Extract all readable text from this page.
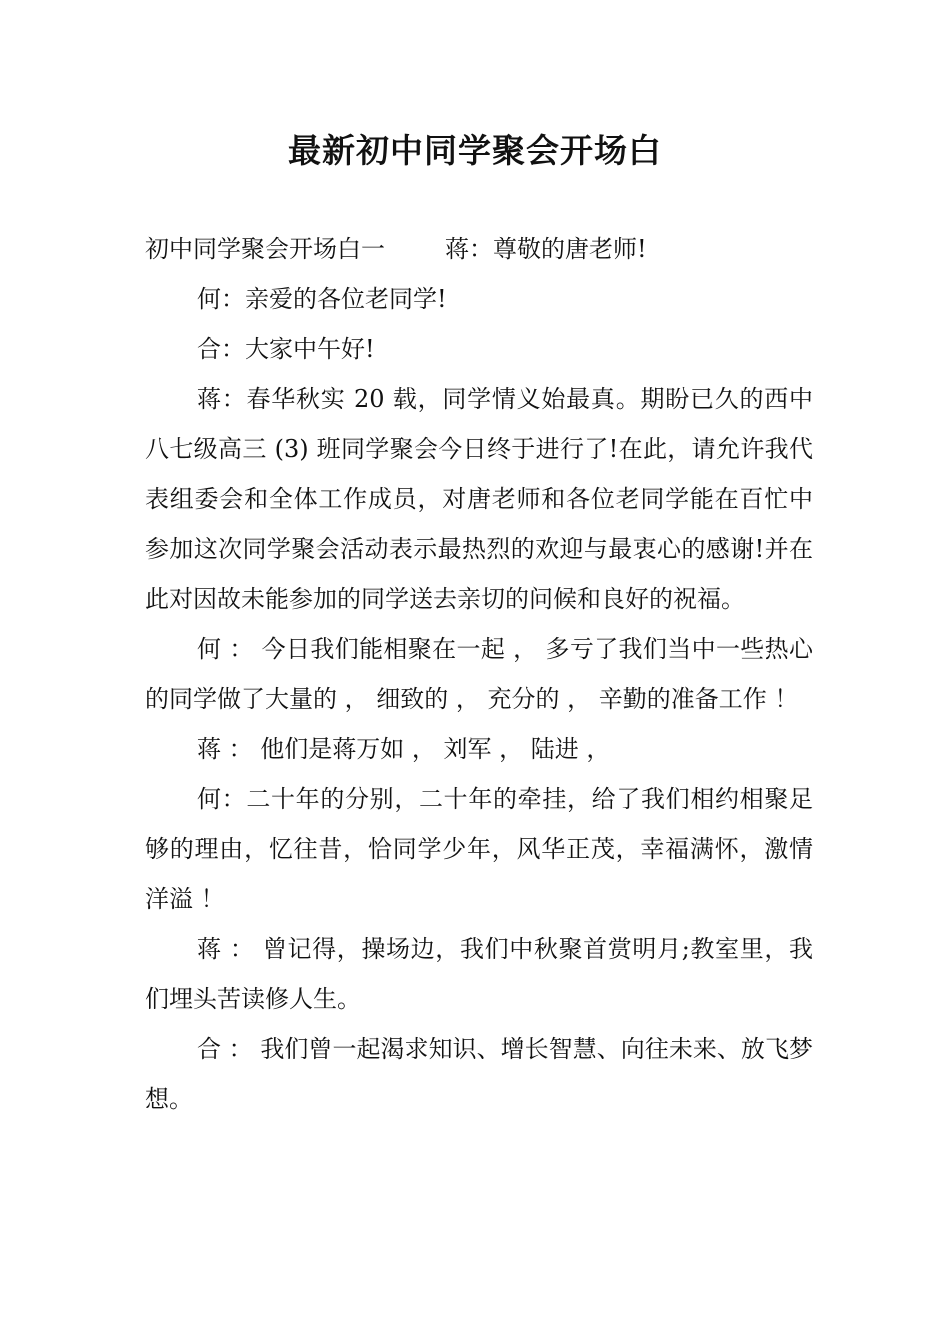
最新初中同学聚会开场白

初中同学聚会开场白一	蒋：尊敬的唐老师!

何：亲爱的各位老同学!

合：大家中午好!

蒋：春华秋实 20 载，同学情义始最真。期盼已久的西中八七级高三 (3) 班同学聚会今日终于进行了!在此，请允许我代表组委会和全体工作成员，对唐老师和各位老同学能在百忙中参加这次同学聚会活动表示最热烈的欢迎与最衷心的感谢!并在此对因故未能参加的同学送去亲切的问候和良好的祝福。

何 ： 今日我们能相聚在一起 ， 多亏了我们当中一些热心的同学做了大量的 ， 细致的 ， 充分的 ， 辛勤的准备工作 ！

蒋 ： 他们是蒋万如 ， 刘军 ， 陆进 ，

何：二十年的分别，二十年的牵挂，给了我们相约相聚足够的理由，忆往昔，恰同学少年，风华正茂，幸福满怀，激情洋溢 ！

蒋 ： 曾记得，操场边，我们中秋聚首赏明月;教室里，我们埋头苦读修人生。

合 ： 我们曾一起渴求知识、增长智慧、向往未来、放飞梦想。
